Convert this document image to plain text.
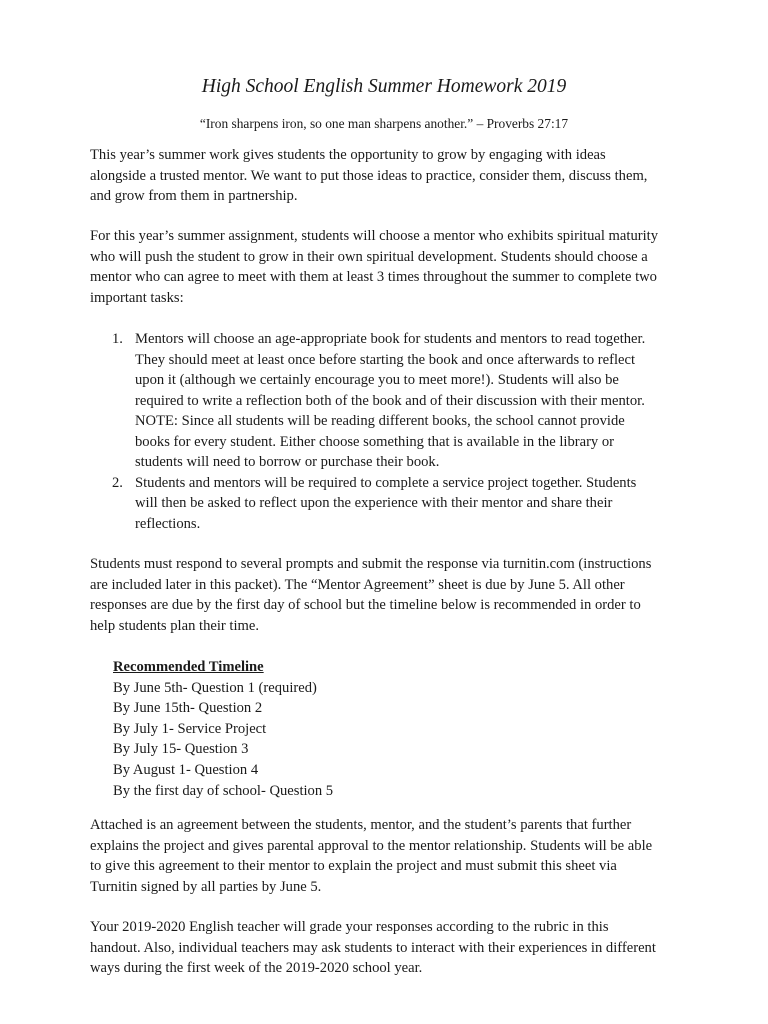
High School English Summer Homework 2019
“Iron sharpens iron, so one man sharpens another.” – Proverbs 27:17

This year’s summer work gives students the opportunity to grow by engaging with ideas
alongside a trusted mentor. We want to put those ideas to practice, consider them, discuss them,
and grow from them in partnership.

For this year’s summer assignment, students will choose a mentor who exhibits spiritual maturity
who will push the student to grow in their own spiritual development. Students should choose a
mentor who can agree to meet with them at least 3 times throughout the summer to complete two
important tasks:

1. Mentors will choose an age-appropriate book for students and mentors to read together.
They should meet at least once before starting the book and once afterwards to reflect
upon it (although we certainly encourage you to meet more!). Students will also be
required to write a reflection both of the book and of their discussion with their mentor.
NOTE: Since all students will be reading different books, the school cannot provide
books for every student. Either choose something that is available in the library or
students will need to borrow or purchase their book.
2. Students and mentors will be required to complete a service project together. Students
will then be asked to reflect upon the experience with their mentor and share their
reflections.

Students must respond to several prompts and submit the response via turnitin.com (instructions
are included later in this packet). The “Mentor Agreement” sheet is due by June 5. All other
responses are due by the first day of school but the timeline below is recommended in order to
help students plan their time.

Recommended Timeline
By June 5th- Question 1 (required)
By June 15th- Question 2
By July 1- Service Project
By July 15- Question 3
By August 1- Question 4
By the first day of school- Question 5

Attached is an agreement between the students, mentor, and the student’s parents that further
explains the project and gives parental approval to the mentor relationship. Students will be able
to give this agreement to their mentor to explain the project and must submit this sheet via
Turnitin signed by all parties by June 5.

Your 2019-2020 English teacher will grade your responses according to the rubric in this
handout. Also, individual teachers may ask students to interact with their experiences in different
ways during the first week of the 2019-2020 school year.
